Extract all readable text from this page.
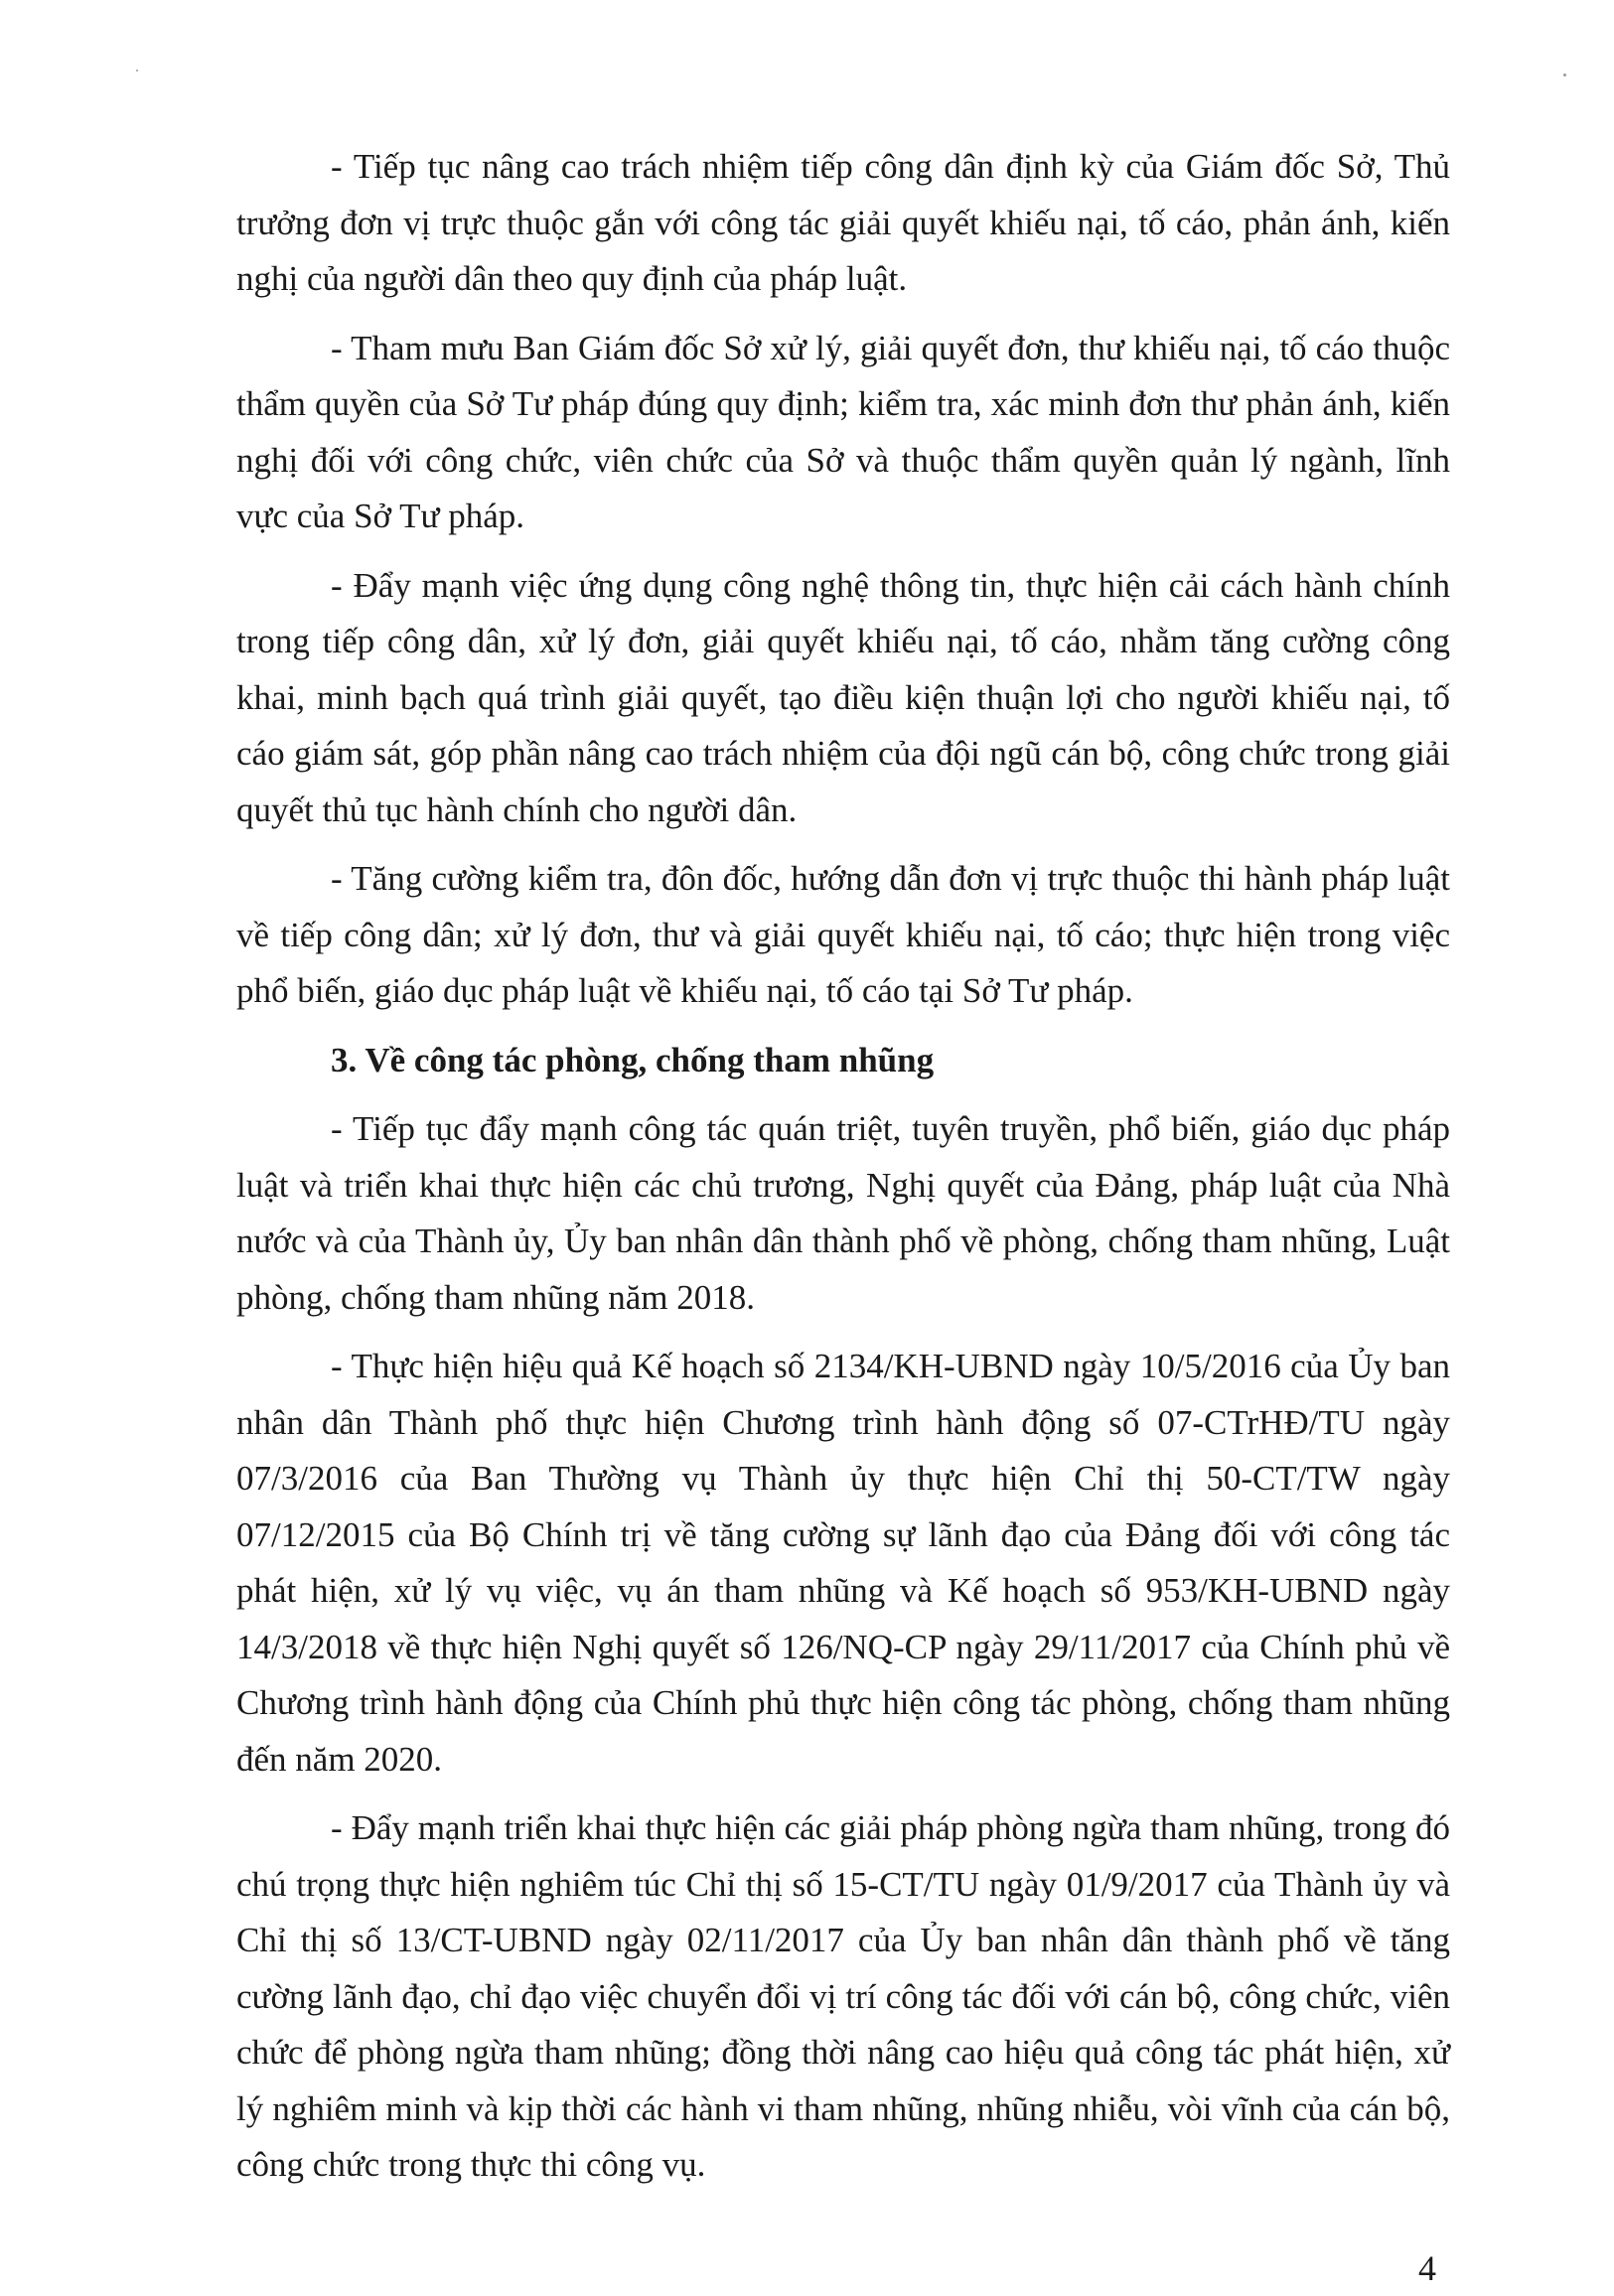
- Tiếp tục nâng cao trách nhiệm tiếp công dân định kỳ của Giám đốc Sở, Thủ trưởng đơn vị trực thuộc gắn với công tác giải quyết khiếu nại, tố cáo, phản ánh, kiến nghị của người dân theo quy định của pháp luật.

- Tham mưu Ban Giám đốc Sở xử lý, giải quyết đơn, thư khiếu nại, tố cáo thuộc thẩm quyền của Sở Tư pháp đúng quy định; kiểm tra, xác minh đơn thư phản ánh, kiến nghị đối với công chức, viên chức của Sở và thuộc thẩm quyền quản lý ngành, lĩnh vực của Sở Tư pháp.

- Đẩy mạnh việc ứng dụng công nghệ thông tin, thực hiện cải cách hành chính trong tiếp công dân, xử lý đơn, giải quyết khiếu nại, tố cáo, nhằm tăng cường công khai, minh bạch quá trình giải quyết, tạo điều kiện thuận lợi cho người khiếu nại, tố cáo giám sát, góp phần nâng cao trách nhiệm của đội ngũ cán bộ, công chức trong giải quyết thủ tục hành chính cho người dân.

- Tăng cường kiểm tra, đôn đốc, hướng dẫn đơn vị trực thuộc thi hành pháp luật về tiếp công dân; xử lý đơn, thư và giải quyết khiếu nại, tố cáo; thực hiện trong việc phổ biến, giáo dục pháp luật về khiếu nại, tố cáo tại Sở Tư pháp.

3. Về công tác phòng, chống tham nhũng

- Tiếp tục đẩy mạnh công tác quán triệt, tuyên truyền, phổ biến, giáo dục pháp luật và triển khai thực hiện các chủ trương, Nghị quyết của Đảng, pháp luật của Nhà nước và của Thành ủy, Ủy ban nhân dân thành phố về phòng, chống tham nhũng, Luật phòng, chống tham nhũng năm 2018.

- Thực hiện hiệu quả Kế hoạch số 2134/KH-UBND ngày 10/5/2016 của Ủy ban nhân dân Thành phố thực hiện Chương trình hành động số 07-CTrHĐ/TU ngày 07/3/2016 của Ban Thường vụ Thành ủy thực hiện Chỉ thị 50-CT/TW ngày 07/12/2015 của Bộ Chính trị về tăng cường sự lãnh đạo của Đảng đối với công tác phát hiện, xử lý vụ việc, vụ án tham nhũng và Kế hoạch số 953/KH-UBND ngày 14/3/2018 về thực hiện Nghị quyết số 126/NQ-CP ngày 29/11/2017 của Chính phủ về Chương trình hành động của Chính phủ thực hiện công tác phòng, chống tham nhũng đến năm 2020.

- Đẩy mạnh triển khai thực hiện các giải pháp phòng ngừa tham nhũng, trong đó chú trọng thực hiện nghiêm túc Chỉ thị số 15-CT/TU ngày 01/9/2017 của Thành ủy và Chỉ thị số 13/CT-UBND ngày 02/11/2017 của Ủy ban nhân dân thành phố về tăng cường lãnh đạo, chỉ đạo việc chuyển đổi vị trí công tác đối với cán bộ, công chức, viên chức để phòng ngừa tham nhũng; đồng thời nâng cao hiệu quả công tác phát hiện, xử lý nghiêm minh và kịp thời các hành vi tham nhũng, nhũng nhiễu, vòi vĩnh của cán bộ, công chức trong thực thi công vụ.

4
